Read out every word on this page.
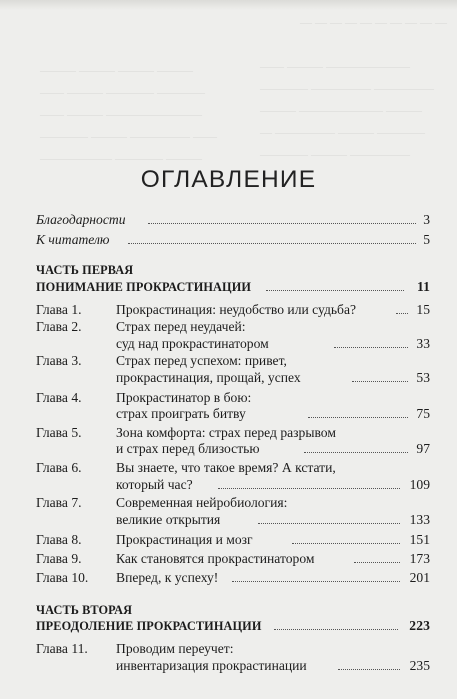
— — — — — — — — — —
——————— ——— ——
——— ——— ——— ———
————— ————— ————
———— ———— ——— ——
——— ——————— ———
———————— ——— ——
———— ——— ————— —
—— ————— ——— ————
————— ——— ————
——— ———— ——————
ОГЛАВЛЕНИЕ
Благодарности	3
К читателю	5
ЧАСТЬ ПЕРВАЯ
ПОНИМАНИЕ ПРОКРАСТИНАЦИИ	11
Глава 1.	Прокрастинация: неудобство или судьба?	15
Глава 2.	Страх перед неудачей:
суд над прокрастинатором	33
Глава 3.	Страх перед успехом: привет,
прокрастинация, прощай, успех	53
Глава 4.	Прокрастинатор в бою:
страх проиграть битву	75
Глава 5.	Зона комфорта: страх перед разрывом
и страх перед близостью	97
Глава 6.	Вы знаете, что такое время? А кстати,
который час?	109
Глава 7.	Современная нейробиология:
великие открытия	133
Глава 8.	Прокрастинация и мозг	151
Глава 9.	Как становятся прокрастинатором	173
Глава 10. Вперед, к успеху!	201
ЧАСТЬ ВТОРАЯ
ПРЕОДОЛЕНИЕ ПРОКРАСТИНАЦИИ	223
Глава 11. Проводим переучет:
инвентаризация прокрастинации	235
